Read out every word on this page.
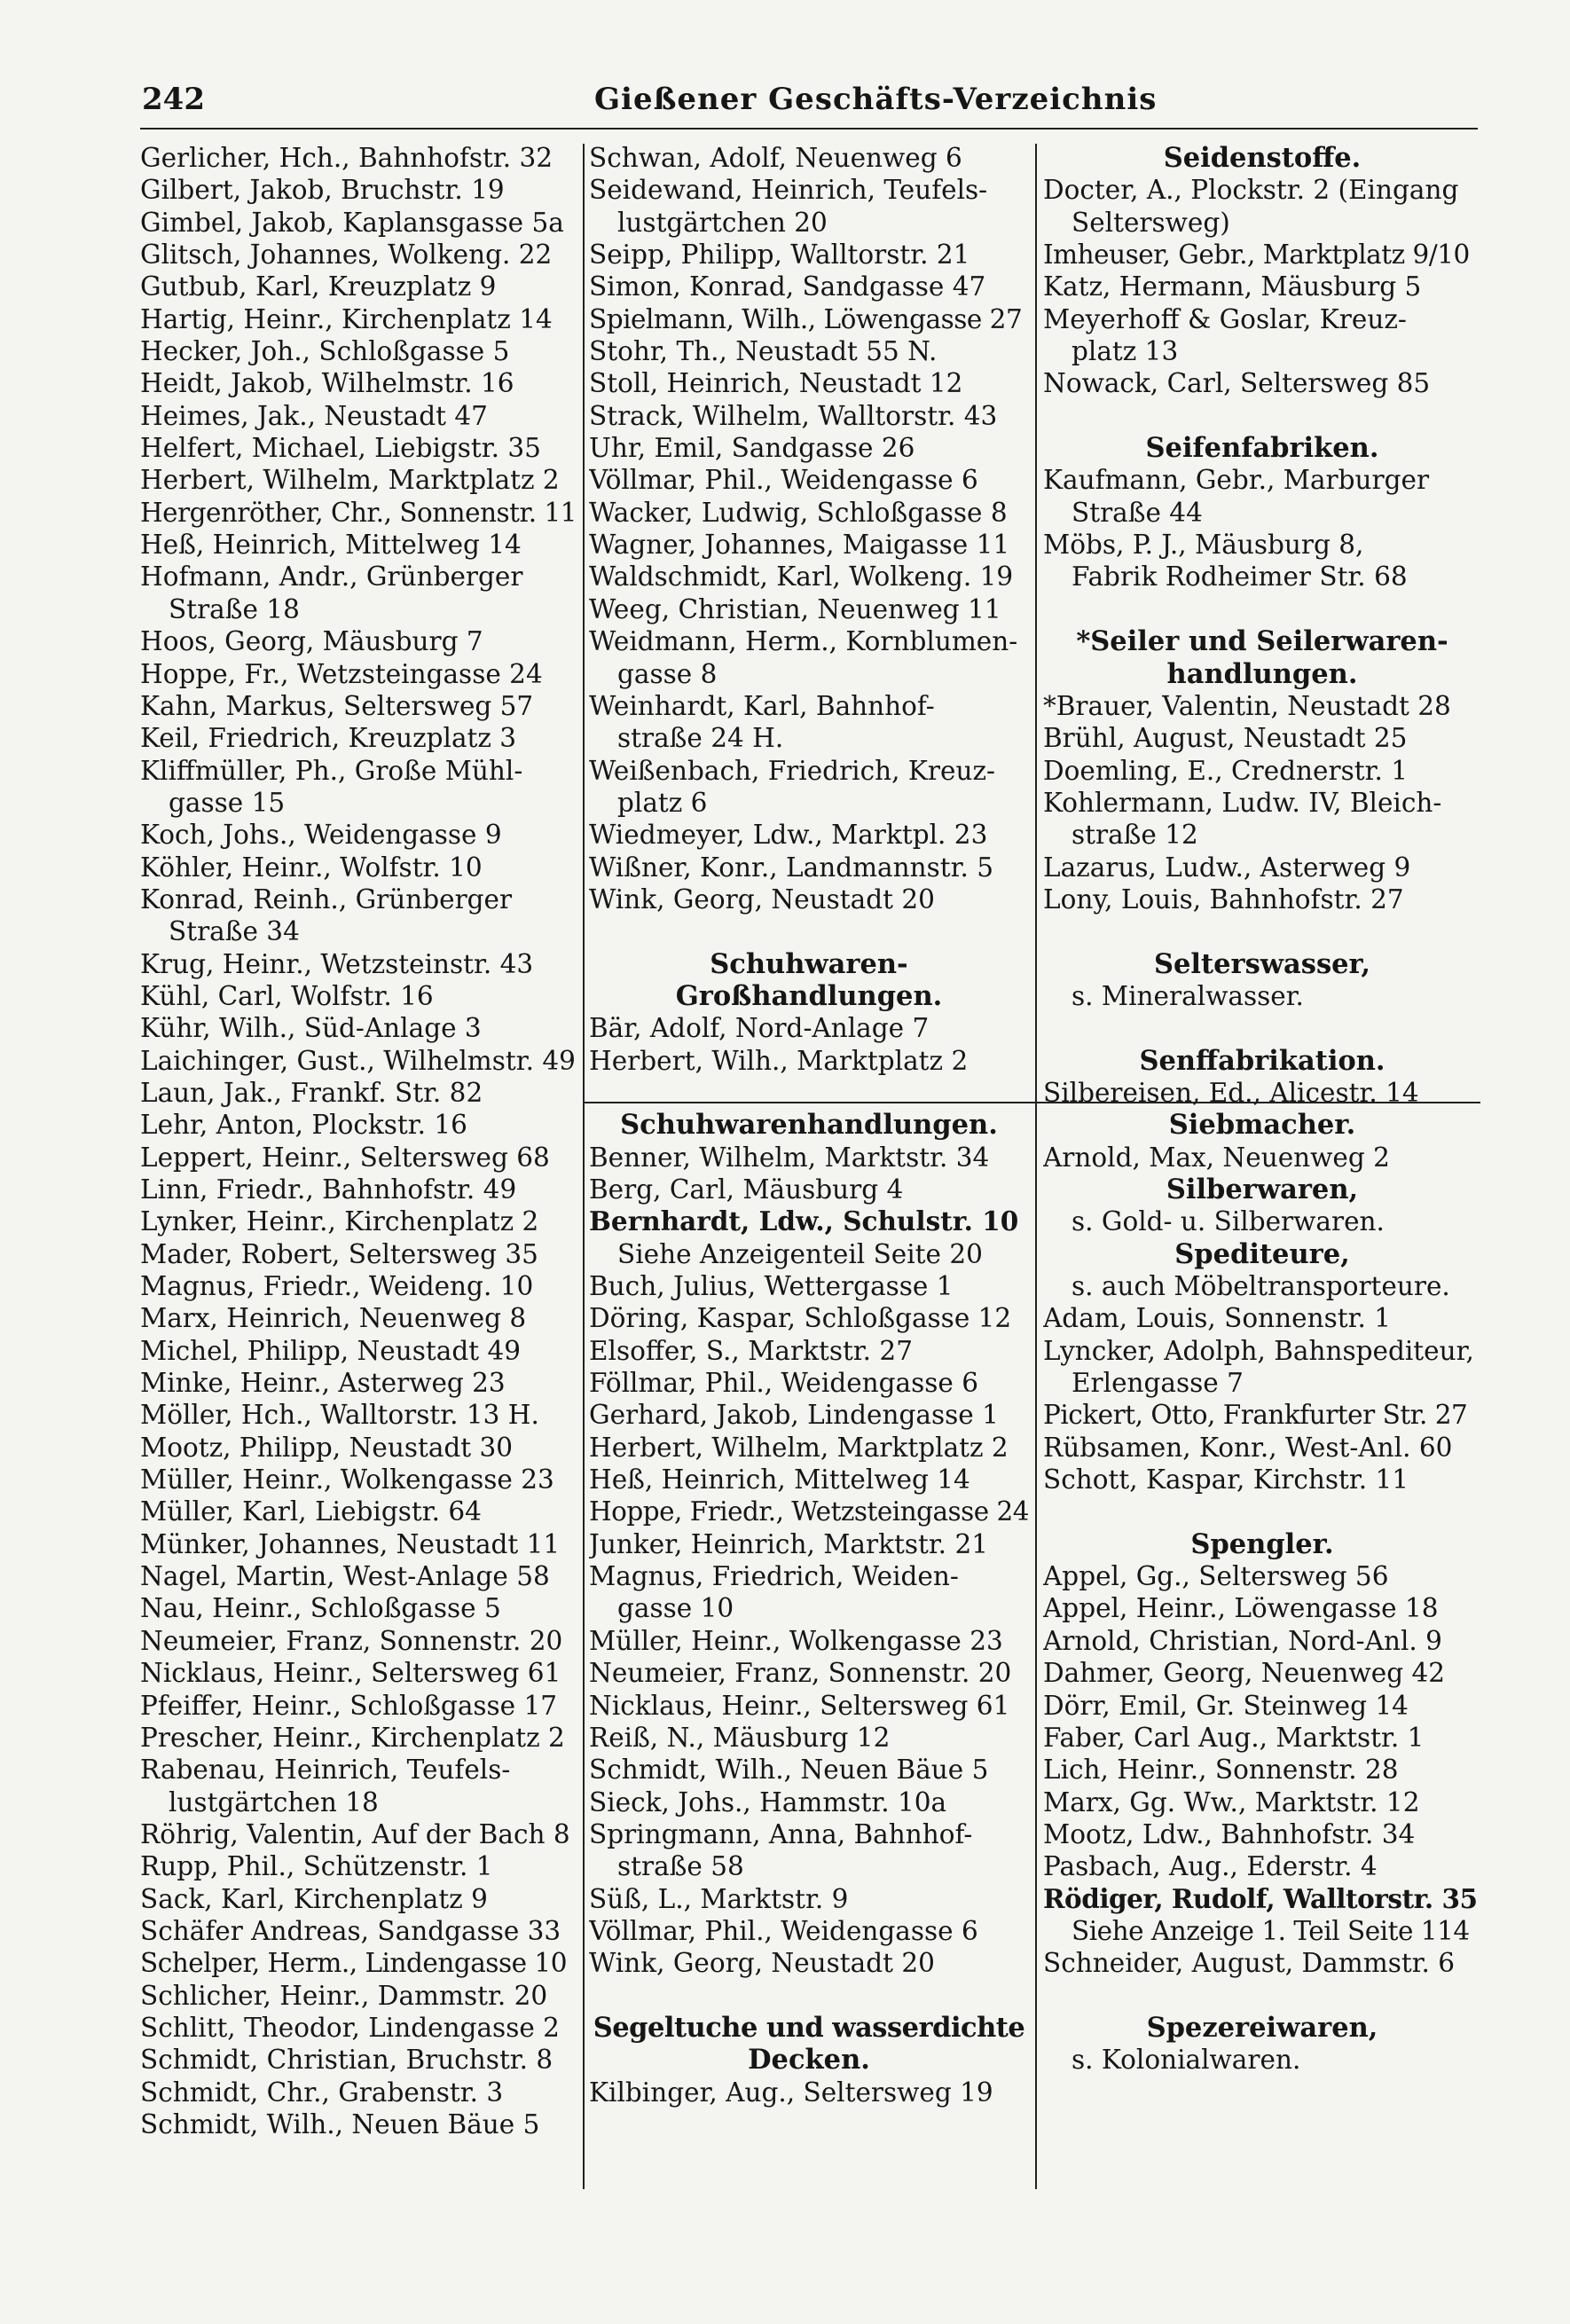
242	Gießener Geschäfts-Verzeichnis
Gerlicher, Hch., Bahnhofstr. 32
Gilbert, Jakob, Bruchstr. 19
Gimbel, Jakob, Kaplansgasse 5a
Glitsch, Johannes, Wolkeng. 22
Gutbub, Karl, Kreuzplatz 9
Hartig, Heinr., Kirchenplatz 14
Hecker, Joh., Schloßgasse 5
Heidt, Jakob, Wilhelmstr. 16
Heimes, Jak., Neustadt 47
Helfert, Michael, Liebigstr. 35
Herbert, Wilhelm, Marktplatz 2
Hergenröther, Chr., Sonnenstr. 11
Heß, Heinrich, Mittelweg 14
Hofmann, Andr., Grünberger
Straße 18
Hoos, Georg, Mäusburg 7
Hoppe, Fr., Wetzsteingasse 24
Kahn, Markus, Seltersweg 57
Keil, Friedrich, Kreuzplatz 3
Kliffmüller, Ph., Große Mühl-
gasse 15
Koch, Johs., Weidengasse 9
Köhler, Heinr., Wolfstr. 10
Konrad, Reinh., Grünberger
Straße 34
Krug, Heinr., Wetzsteinstr. 43
Kühl, Carl, Wolfstr. 16
Kühr, Wilh., Süd-Anlage 3
Laichinger, Gust., Wilhelmstr. 49
Laun, Jak., Frankf. Str. 82
Lehr, Anton, Plockstr. 16
Leppert, Heinr., Seltersweg 68
Linn, Friedr., Bahnhofstr. 49
Lynker, Heinr., Kirchenplatz 2
Mader, Robert, Seltersweg 35
Magnus, Friedr., Weideng. 10
Marx, Heinrich, Neuenweg 8
Michel, Philipp, Neustadt 49
Minke, Heinr., Asterweg 23
Möller, Hch., Walltorstr. 13 H.
Mootz, Philipp, Neustadt 30
Müller, Heinr., Wolkengasse 23
Müller, Karl, Liebigstr. 64
Münker, Johannes, Neustadt 11
Nagel, Martin, West-Anlage 58
Nau, Heinr., Schloßgasse 5
Neumeier, Franz, Sonnenstr. 20
Nicklaus, Heinr., Seltersweg 61
Pfeiffer, Heinr., Schloßgasse 17
Prescher, Heinr., Kirchenplatz 2
Rabenau, Heinrich, Teufels-
lustgärtchen 18
Röhrig, Valentin, Auf der Bach 8
Rupp, Phil., Schützenstr. 1
Sack, Karl, Kirchenplatz 9
Schäfer Andreas, Sandgasse 33
Schelper, Herm., Lindengasse 10
Schlicher, Heinr., Dammstr. 20
Schlitt, Theodor, Lindengasse 2
Schmidt, Christian, Bruchstr. 8
Schmidt, Chr., Grabenstr. 3
Schmidt, Wilh., Neuen Bäue 5
Schwan, Adolf, Neuenweg 6
Seidewand, Heinrich, Teufels-
lustgärtchen 20
Seipp, Philipp, Walltorstr. 21
Simon, Konrad, Sandgasse 47
Spielmann, Wilh., Löwengasse 27
Stohr, Th., Neustadt 55 N.
Stoll, Heinrich, Neustadt 12
Strack, Wilhelm, Walltorstr. 43
Uhr, Emil, Sandgasse 26
Völlmar, Phil., Weidengasse 6
Wacker, Ludwig, Schloßgasse 8
Wagner, Johannes, Maigasse 11
Waldschmidt, Karl, Wolkeng. 19
Weeg, Christian, Neuenweg 11
Weidmann, Herm., Kornblumen-
gasse 8
Weinhardt, Karl, Bahnhof-
straße 24 H.
Weißenbach, Friedrich, Kreuz-
platz 6
Wiedmeyer, Ldw., Marktpl. 23
Wißner, Konr., Landmannstr. 5
Wink, Georg, Neustadt 20
Schuhwaren-
Großhandlungen.
Bär, Adolf, Nord-Anlage 7
Herbert, Wilh., Marktplatz 2
Schuhwarenhandlungen.
Benner, Wilhelm, Marktstr. 34
Berg, Carl, Mäusburg 4
Bernhardt, Ldw., Schulstr. 10
Siehe Anzeigenteil Seite 20
Buch, Julius, Wettergasse 1
Döring, Kaspar, Schloßgasse 12
Elsoffer, S., Marktstr. 27
Föllmar, Phil., Weidengasse 6
Gerhard, Jakob, Lindengasse 1
Herbert, Wilhelm, Marktplatz 2
Heß, Heinrich, Mittelweg 14
Hoppe, Friedr., Wetzsteingasse 24
Junker, Heinrich, Marktstr. 21
Magnus, Friedrich, Weiden-
gasse 10
Müller, Heinr., Wolkengasse 23
Neumeier, Franz, Sonnenstr. 20
Nicklaus, Heinr., Seltersweg 61
Reiß, N., Mäusburg 12
Schmidt, Wilh., Neuen Bäue 5
Sieck, Johs., Hammstr. 10a
Springmann, Anna, Bahnhof-
straße 58
Süß, L., Marktstr. 9
Völlmar, Phil., Weidengasse 6
Wink, Georg, Neustadt 20
Segeltuche und wasserdichte
Decken.
Kilbinger, Aug., Seltersweg 19
Seidenstoffe.
Docter, A., Plockstr. 2 (Eingang
Seltersweg)
Imheuser, Gebr., Marktplatz 9/10
Katz, Hermann, Mäusburg 5
Meyerhoff & Goslar, Kreuz-
platz 13
Nowack, Carl, Seltersweg 85
Seifenfabriken.
Kaufmann, Gebr., Marburger
Straße 44
Möbs, P. J., Mäusburg 8,
Fabrik Rodheimer Str. 68
*Seiler und Seilerwaren-
handlungen.
*Brauer, Valentin, Neustadt 28
Brühl, August, Neustadt 25
Doemling, E., Crednerstr. 1
Kohlermann, Ludw. IV, Bleich-
straße 12
Lazarus, Ludw., Asterweg 9
Lony, Louis, Bahnhofstr. 27
Selterswasser,
s. Mineralwasser.
Senffabrikation.
Silbereisen, Ed., Alicestr. 14
Siebmacher.
Arnold, Max, Neuenweg 2
Silberwaren,
s. Gold- u. Silberwaren.
Spediteure,
s. auch Möbeltransporteure.
Adam, Louis, Sonnenstr. 1
Lyncker, Adolph, Bahnspediteur,
Erlengasse 7
Pickert, Otto, Frankfurter Str. 27
Rübsamen, Konr., West-Anl. 60
Schott, Kaspar, Kirchstr. 11
Spengler.
Appel, Gg., Seltersweg 56
Appel, Heinr., Löwengasse 18
Arnold, Christian, Nord-Anl. 9
Dahmer, Georg, Neuenweg 42
Dörr, Emil, Gr. Steinweg 14
Faber, Carl Aug., Marktstr. 1
Lich, Heinr., Sonnenstr. 28
Marx, Gg. Ww., Marktstr. 12
Mootz, Ldw., Bahnhofstr. 34
Pasbach, Aug., Ederstr. 4
Rödiger, Rudolf, Walltorstr. 35
Siehe Anzeige 1. Teil Seite 114
Schneider, August, Dammstr. 6
Spezereiwaren,
s. Kolonialwaren.
